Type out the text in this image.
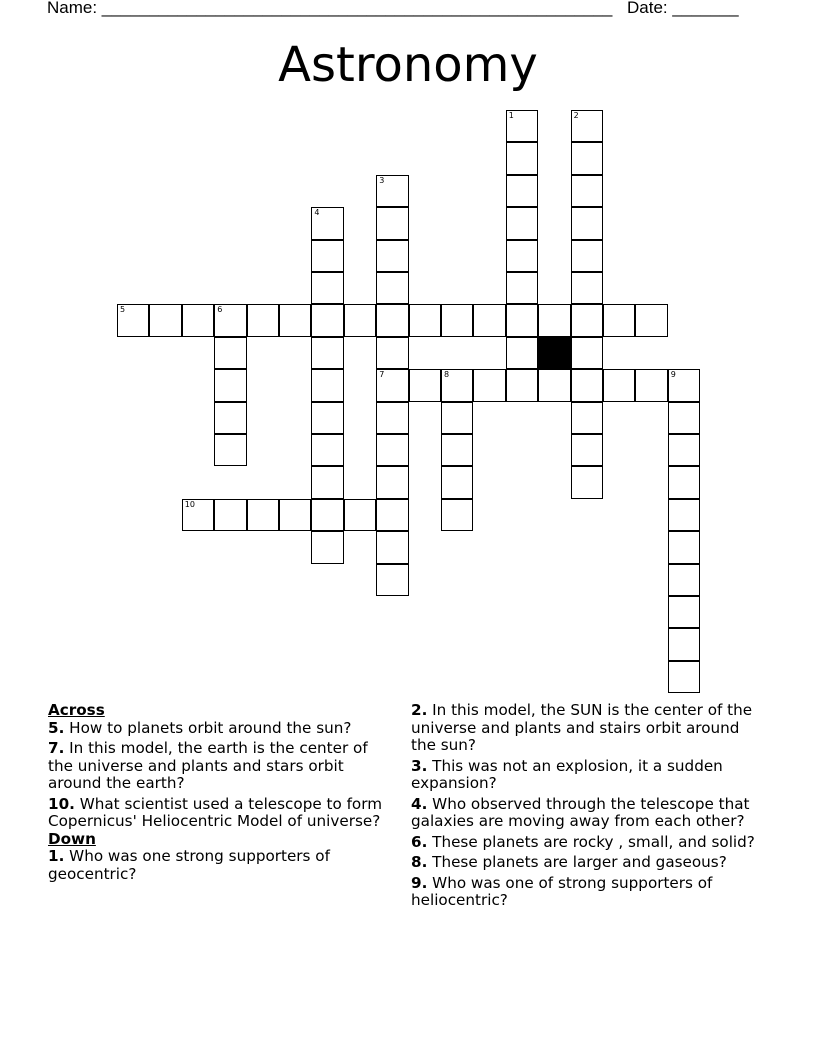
Name: ______________________________________________________ Date: _______
Astronomy
1	2
3
7
4
5	6
8	9
10
Across
5. How to planets orbit around the sun?
7. In this model, the earth is the center of the universe and plants and stars orbit around the earth?
10. What scientist used a telescope to form Copernicus' Heliocentric Model of universe?
Down
1. Who was one strong supporters of geocentric?
2. In this model, the SUN is the center of the universe and plants and stairs orbit around the sun?
3. This was not an explosion, it a sudden expansion?
4. Who observed through the telescope that galaxies are moving away from each other?
6. These planets are rocky , small, and solid?
8. These planets are larger and gaseous?
9. Who was one of strong supporters of heliocentric?
